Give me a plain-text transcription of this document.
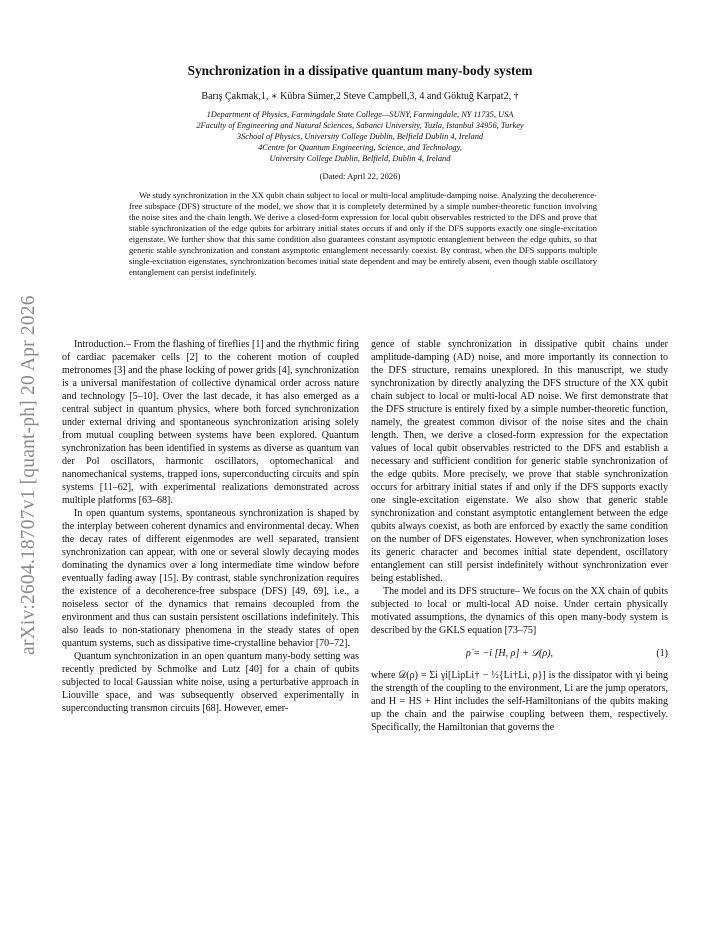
arXiv:2604.18707v1 [quant-ph] 20 Apr 2026
Synchronization in a dissipative quantum many-body system
Barış Çakmak,1, ∗ Kübra Sümer,2 Steve Campbell,3, 4 and Göktuğ Karpat2, †
1Department of Physics, Farmingdale State College—SUNY, Farmingdale, NY 11735, USA
2Faculty of Engineering and Natural Sciences, Sabanci University, Tuzla, Istanbul 34956, Turkey
3School of Physics, University College Dublin, Belfield Dublin 4, Ireland
4Centre for Quantum Engineering, Science, and Technology,
University College Dublin, Belfield, Dublin 4, Ireland
(Dated: April 22, 2026)
We study synchronization in the XX qubit chain subject to local or multi-local amplitude-damping noise. Analyzing the decoherence-free subspace (DFS) structure of the model, we show that it is completely determined by a simple number-theoretic function involving the noise sites and the chain length. We derive a closed-form expression for local qubit observables restricted to the DFS and prove that stable synchronization of the edge qubits for arbitrary initial states occurs if and only if the DFS supports exactly one single-excitation eigenstate. We further show that this same condition also guarantees constant asymptotic entanglement between the edge qubits, so that generic stable synchronization and constant asymptotic entanglement necessarily coexist. By contrast, when the DFS supports multiple single-excitation eigenstates, synchronization becomes initial state dependent and may be entirely absent, even though stable oscillatory entanglement can persist indefinitely.

Introduction.– From the flashing of fireflies [1] and the rhythmic firing of cardiac pacemaker cells [2] to the coherent motion of coupled metronomes [3] and the phase locking of power grids [4], synchronization is a universal manifestation of collective dynamical order across nature and technology [5–10]. Over the last decade, it has also emerged as a central subject in quantum physics, where both forced synchronization under external driving and spontaneous synchronization arising solely from mutual coupling between systems have been explored. Quantum synchronization has been identified in systems as diverse as quantum van der Pol oscillators, harmonic oscillators, optomechanical and nanomechanical systems, trapped ions, superconducting circuits and spin systems [11–62], with experimental realizations demonstrated across multiple platforms [63–68].

In open quantum systems, spontaneous synchronization is shaped by the interplay between coherent dynamics and environmental decay. When the decay rates of different eigenmodes are well separated, transient synchronization can appear, with one or several slowly decaying modes dominating the dynamics over a long intermediate time window before eventually fading away [15]. By contrast, stable synchronization requires the existence of a decoherence-free subspace (DFS) [49, 69], i.e., a noiseless sector of the dynamics that remains decoupled from the environment and thus can sustain persistent oscillations indefinitely. This also leads to non-stationary phenomena in the steady states of open quantum systems, such as dissipative time-crystalline behavior [70–72].

Quantum synchronization in an open quantum many-body setting was recently predicted by Schmolke and Lutz [40] for a chain of qubits subjected to local Gaussian white noise, using a perturbative approach in Liouville space, and was subsequently observed experimentally in superconducting transmon circuits [68]. However, emer-

gence of stable synchronization in dissipative qubit chains under amplitude-damping (AD) noise, and more importantly its connection to the DFS structure, remains unexplored. In this manuscript, we study synchronization by directly analyzing the DFS structure of the XX qubit chain subject to local or multi-local AD noise. We first demonstrate that the DFS structure is entirely fixed by a simple number-theoretic function, namely, the greatest common divisor of the noise sites and the chain length. Then, we derive a closed-form expression for the expectation values of local qubit observables restricted to the DFS and establish a necessary and sufficient condition for generic stable synchronization of the edge qubits. More precisely, we prove that stable synchronization occurs for arbitrary initial states if and only if the DFS supports exactly one single-excitation eigenstate. We also show that generic stable synchronization and constant asymptotic entanglement between the edge qubits always coexist, as both are enforced by exactly the same condition on the number of DFS eigenstates. However, when synchronization loses its generic character and becomes initial state dependent, oscillatory entanglement can still persist indefinitely without synchronization ever being established.

The model and its DFS structure– We focus on the XX chain of qubits subjected to local or multi-local AD noise. Under certain physically motivated assumptions, the dynamics of this open many-body system is described by the GKLS equation [73–75]

ρ̇ = −i [H, ρ] + 𝒟(ρ),	(1)

where 𝒟(ρ) = Σi γi[LiρLi† − ½{Li†Li, ρ}] is the dissipator with γi being the strength of the coupling to the environment, Li are the jump operators, and H = HS + Hint includes the self-Hamiltonians of the qubits making up the chain and the pairwise coupling between them, respectively. Specifically, the Hamiltonian that governs the
